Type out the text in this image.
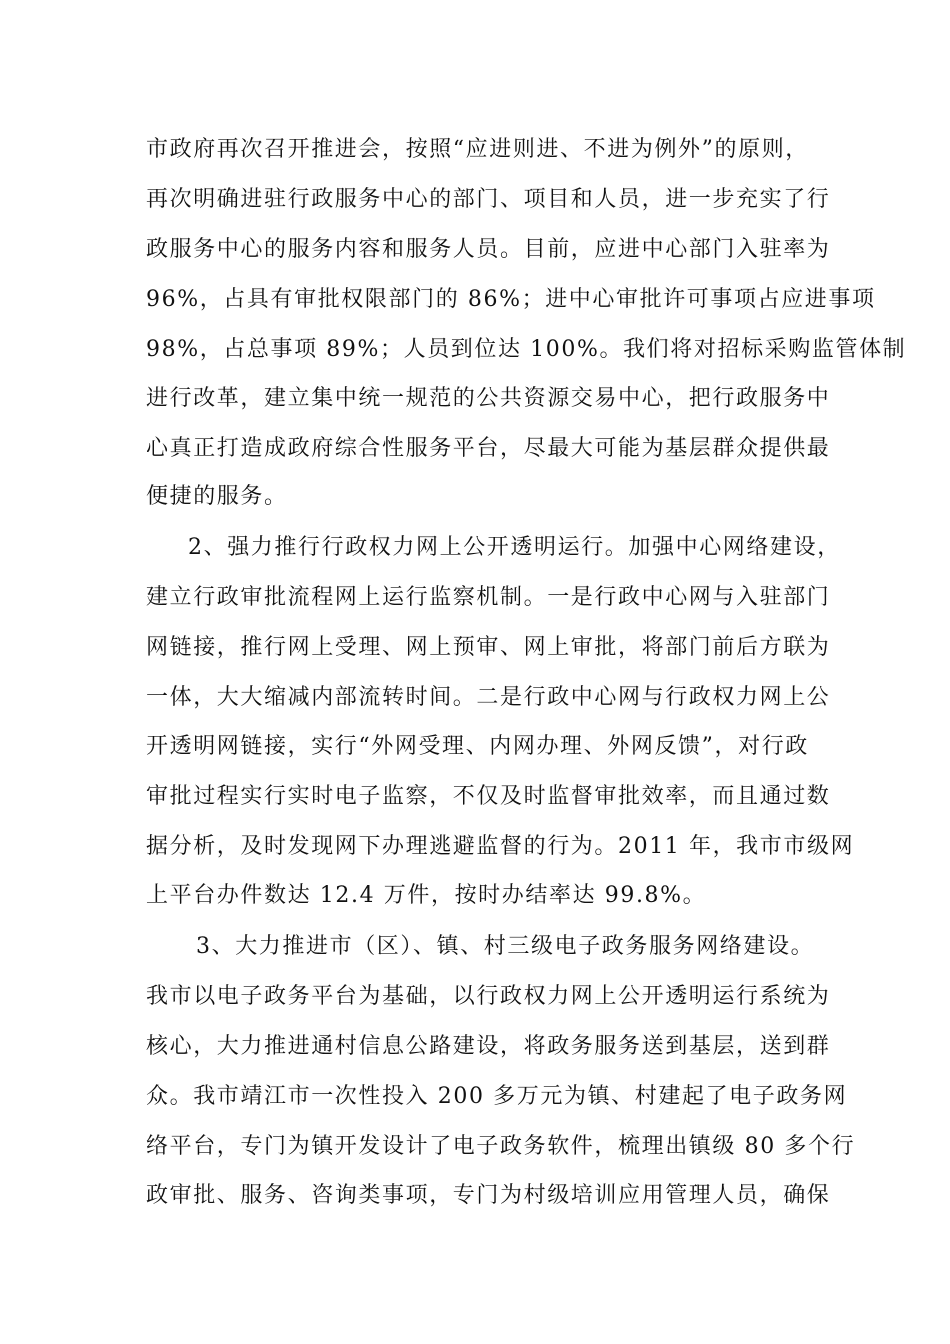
市政府再次召开推进会，按照“应进则进、不进为例外”的原则，
再次明确进驻行政服务中心的部门、项目和人员，进一步充实了行
政服务中心的服务内容和服务人员。目前，应进中心部门入驻率为
96%，占具有审批权限部门的 86%；进中心审批许可事项占应进事项
98%，占总事项 89%；人员到位达 100%。我们将对招标采购监管体制
进行改革，建立集中统一规范的公共资源交易中心，把行政服务中
心真正打造成政府综合性服务平台，尽最大可能为基层群众提供最
便捷的服务。
2、强力推行行政权力网上公开透明运行。加强中心网络建设，
建立行政审批流程网上运行监察机制。一是行政中心网与入驻部门
网链接，推行网上受理、网上预审、网上审批，将部门前后方联为
一体，大大缩减内部流转时间。二是行政中心网与行政权力网上公
开透明网链接，实行“外网受理、内网办理、外网反馈”，对行政
审批过程实行实时电子监察，不仅及时监督审批效率，而且通过数
据分析，及时发现网下办理逃避监督的行为。2011 年，我市市级网
上平台办件数达 12.4 万件，按时办结率达 99.8%。
3、大力推进市（区）、镇、村三级电子政务服务网络建设。
我市以电子政务平台为基础，以行政权力网上公开透明运行系统为
核心，大力推进通村信息公路建设，将政务服务送到基层，送到群
众。我市靖江市一次性投入 200 多万元为镇、村建起了电子政务网
络平台，专门为镇开发设计了电子政务软件，梳理出镇级 80 多个行
政审批、服务、咨询类事项，专门为村级培训应用管理人员，确保
